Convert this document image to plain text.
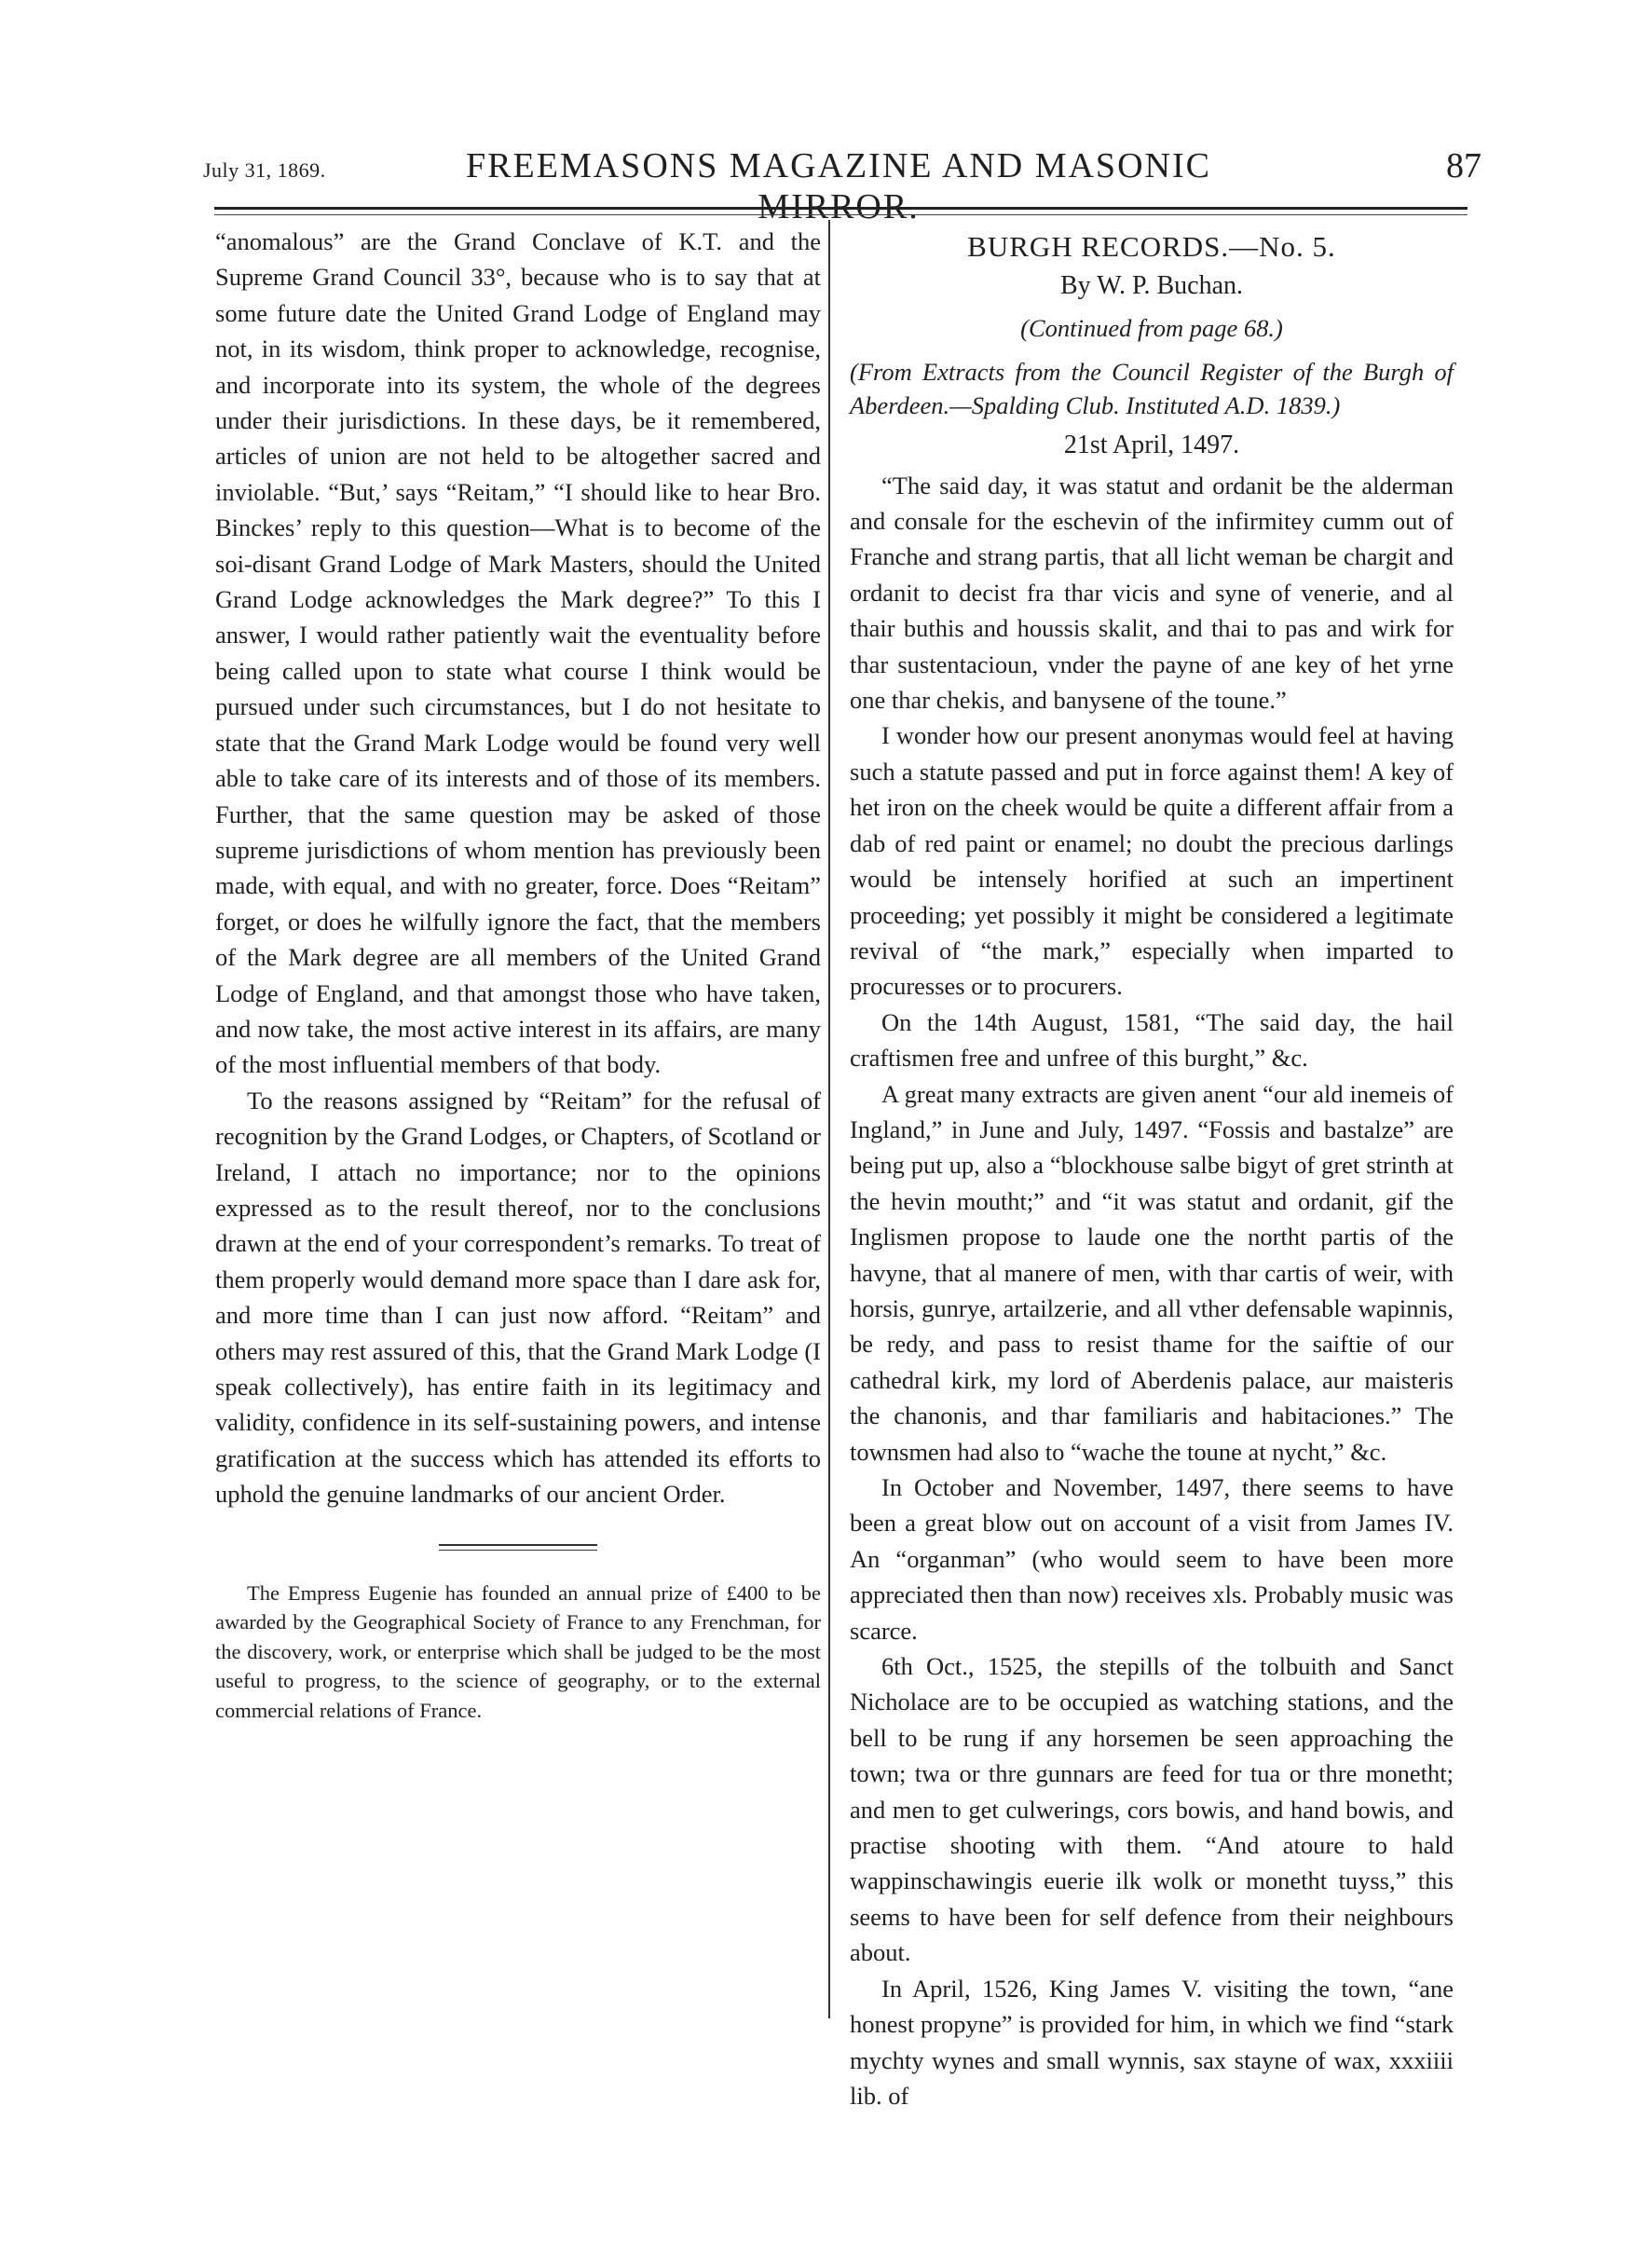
July 31, 1869.	FREEMASONS MAGAZINE AND MASONIC MIRROR.
87

“anomalous” are the Grand Conclave of K.T. and the Supreme Grand Council 33°, because who is to say that at some future date the United Grand Lodge of England may not, in its wisdom, think proper to acknowledge, recognise, and incorporate into its system, the whole of the degrees under their jurisdictions. In these days, be it remembered, articles of union are not held to be altogether sacred and inviolable. “But,’ says “Reitam,” “I should like to hear Bro. Binckes’ reply to this question—What is to become of the soi-disant Grand Lodge of Mark Masters, should the United Grand Lodge acknowledges the Mark degree?” To this I answer, I would rather patiently wait the eventuality before being called upon to state what course I think would be pursued under such circumstances, but I do not hesitate to state that the Grand Mark Lodge would be found very well able to take care of its interests and of those of its members. Further, that the same question may be asked of those supreme jurisdictions of whom mention has previously been made, with equal, and with no greater, force. Does “Reitam” forget, or does he wilfully ignore the fact, that the members of the Mark degree are all members of the United Grand Lodge of England, and that amongst those who have taken, and now take, the most active interest in its affairs, are many of the most influential members of that body.

To the reasons assigned by “Reitam” for the refusal of recognition by the Grand Lodges, or Chapters, of Scotland or Ireland, I attach no importance; nor to the opinions expressed as to the result thereof, nor to the conclusions drawn at the end of your correspondent’s remarks. To treat of them properly would demand more space than I dare ask for, and more time than I can just now afford. “Reitam” and others may rest assured of this, that the Grand Mark Lodge (I speak collectively), has entire faith in its legitimacy and validity, confidence in its self-sustaining powers, and intense gratification at the success which has attended its efforts to uphold the genuine landmarks of our ancient Order.

The Empress Eugenie has founded an annual prize of £400 to be awarded by the Geographical Society of France to any Frenchman, for the discovery, work, or enterprise which shall be judged to be the most useful to progress, to the science of geography, or to the external commercial relations of France.

BURGH RECORDS.—No. 5.
By W. P. Buchan.
(Continued from page 68.)
(From Extracts from the Council Register of the Burgh of Aberdeen.—Spalding Club. Instituted A.D. 1839.)
21st April, 1497.

“The said day, it was statut and ordanit be the alderman and consale for the eschevin of the infirmitey cumm out of Franche and strang partis, that all licht weman be chargit and ordanit to decist fra thar vicis and syne of venerie, and al thair buthis and houssis skalit, and thai to pas and wirk for thar sustentacioun, vnder the payne of ane key of het yrne one thar chekis, and banysene of the toune.”

I wonder how our present anonymas would feel at having such a statute passed and put in force against them! A key of het iron on the cheek would be quite a different affair from a dab of red paint or enamel; no doubt the precious darlings would be intensely horified at such an impertinent proceeding; yet possibly it might be considered a legitimate revival of “the mark,” especially when imparted to procuresses or to procurers.

On the 14th August, 1581, “The said day, the hail craftismen free and unfree of this burght,” &c.

A great many extracts are given anent “our ald inemeis of Ingland,” in June and July, 1497. “Fossis and bastalze” are being put up, also a “blockhouse salbe bigyt of gret strinth at the hevin moutht;” and “it was statut and ordanit, gif the Inglismen propose to laude one the northt partis of the havyne, that al manere of men, with thar cartis of weir, with horsis, gunrye, artailzerie, and all vther defensable wapinnis, be redy, and pass to resist thame for the saiftie of our cathedral kirk, my lord of Aberdenis palace, aur maisteris the chanonis, and thar familiaris and habitaciones.” The townsmen had also to “wache the toune at nycht,” &c.

In October and November, 1497, there seems to have been a great blow out on account of a visit from James IV. An “organman” (who would seem to have been more appreciated then than now) receives xls. Probably music was scarce.

6th Oct., 1525, the stepills of the tolbuith and Sanct Nicholace are to be occupied as watching stations, and the bell to be rung if any horsemen be seen approaching the town; twa or thre gunnars are feed for tua or thre monetht; and men to get culwerings, cors bowis, and hand bowis, and practise shooting with them. “And atoure to hald wappinschawingis euerie ilk wolk or monetht tuyss,” this seems to have been for self defence from their neighbours about.

In April, 1526, King James V. visiting the town, “ane honest propyne” is provided for him, in which we find “stark mychty wynes and small wynnis, sax stayne of wax, xxxiiii lib. of
